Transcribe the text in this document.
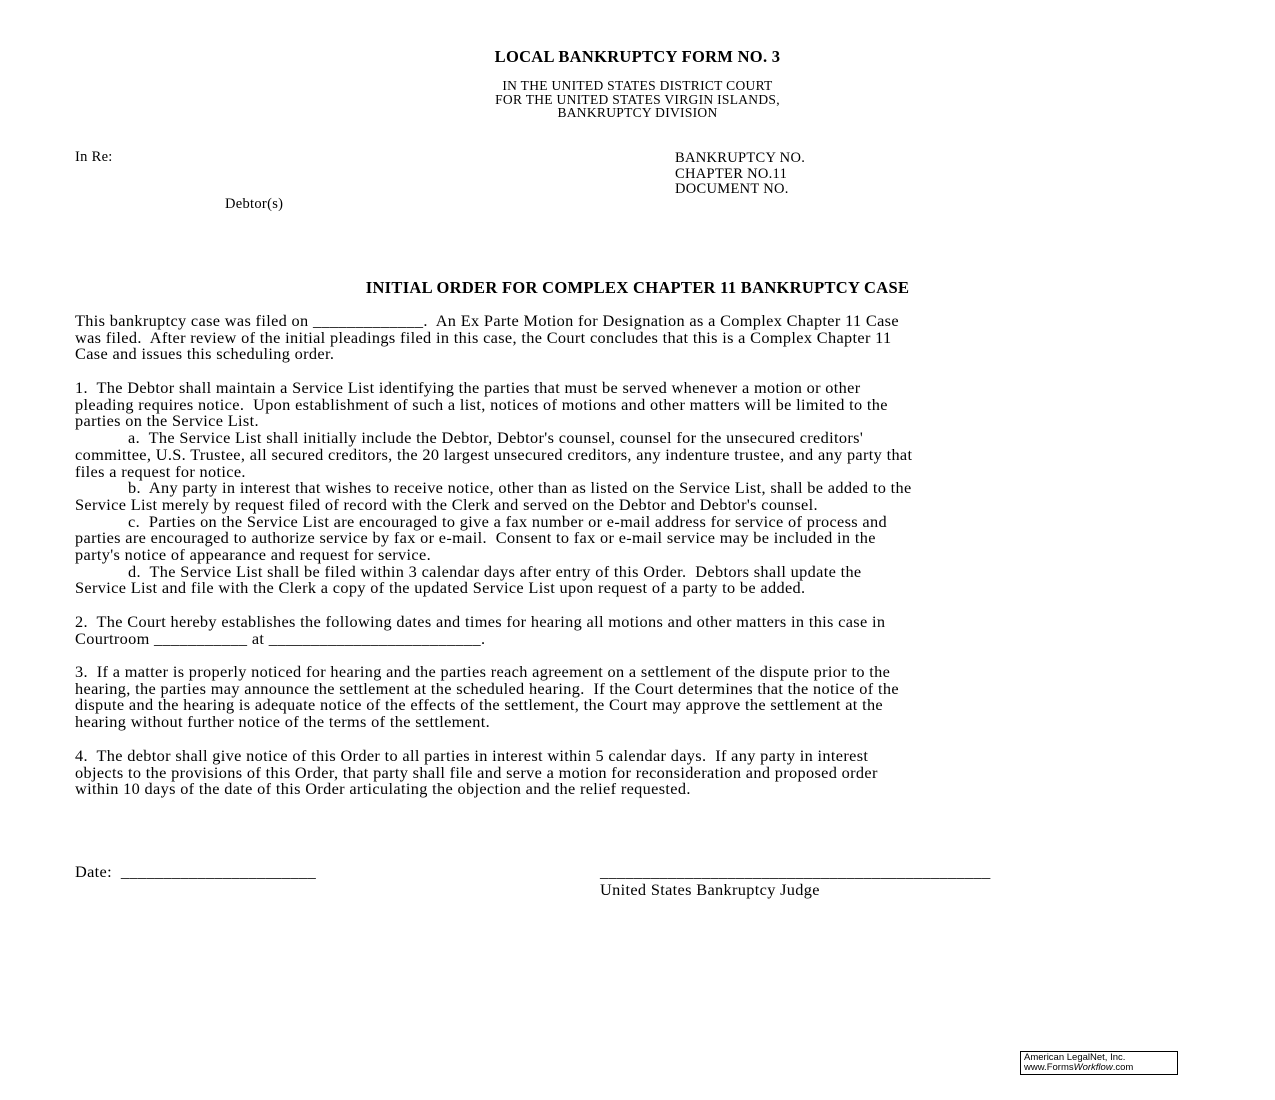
LOCAL BANKRUPTCY FORM NO. 3
IN THE UNITED STATES DISTRICT COURT
FOR THE UNITED STATES VIRGIN ISLANDS,
BANKRUPTCY DIVISION
In Re:
Debtor(s)
BANKRUPTCY NO.
CHAPTER NO.11
DOCUMENT NO.
INITIAL ORDER FOR COMPLEX CHAPTER 11 BANKRUPTCY CASE
This bankruptcy case was filed on _____________.  An Ex Parte Motion for Designation as a Complex Chapter 11 Case
was filed.  After review of the initial pleadings filed in this case, the Court concludes that this is a Complex Chapter 11
Case and issues this scheduling order.
1.  The Debtor shall maintain a Service List identifying the parties that must be served whenever a motion or other
pleading requires notice.  Upon establishment of such a list, notices of motions and other matters will be limited to the
parties on the Service List.
a.  The Service List shall initially include the Debtor, Debtor's counsel, counsel for the unsecured creditors'
committee, U.S. Trustee, all secured creditors, the 20 largest unsecured creditors, any indenture trustee, and any party that
files a request for notice.
b.  Any party in interest that wishes to receive notice, other than as listed on the Service List, shall be added to the
Service List merely by request filed of record with the Clerk and served on the Debtor and Debtor's counsel.
c.  Parties on the Service List are encouraged to give a fax number or e-mail address for service of process and
parties are encouraged to authorize service by fax or e-mail.  Consent to fax or e-mail service may be included in the
party's notice of appearance and request for service.
d.  The Service List shall be filed within 3 calendar days after entry of this Order.  Debtors shall update the
Service List and file with the Clerk a copy of the updated Service List upon request of a party to be added.
2.  The Court hereby establishes the following dates and times for hearing all motions and other matters in this case in
Courtroom ___________ at _________________________.
3.  If a matter is properly noticed for hearing and the parties reach agreement on a settlement of the dispute prior to the
hearing, the parties may announce the settlement at the scheduled hearing.  If the Court determines that the notice of the
dispute and the hearing is adequate notice of the effects of the settlement, the Court may approve the settlement at the
hearing without further notice of the terms of the settlement.
4.  The debtor shall give notice of this Order to all parties in interest within 5 calendar days.  If any party in interest
objects to the provisions of this Order, that party shall file and serve a motion for reconsideration and proposed order
within 10 days of the date of this Order articulating the objection and the relief requested.
Date:  _______________________	______________________________________________
United States Bankruptcy Judge
American LegalNet, Inc.
www.FormsWorkflow.com
